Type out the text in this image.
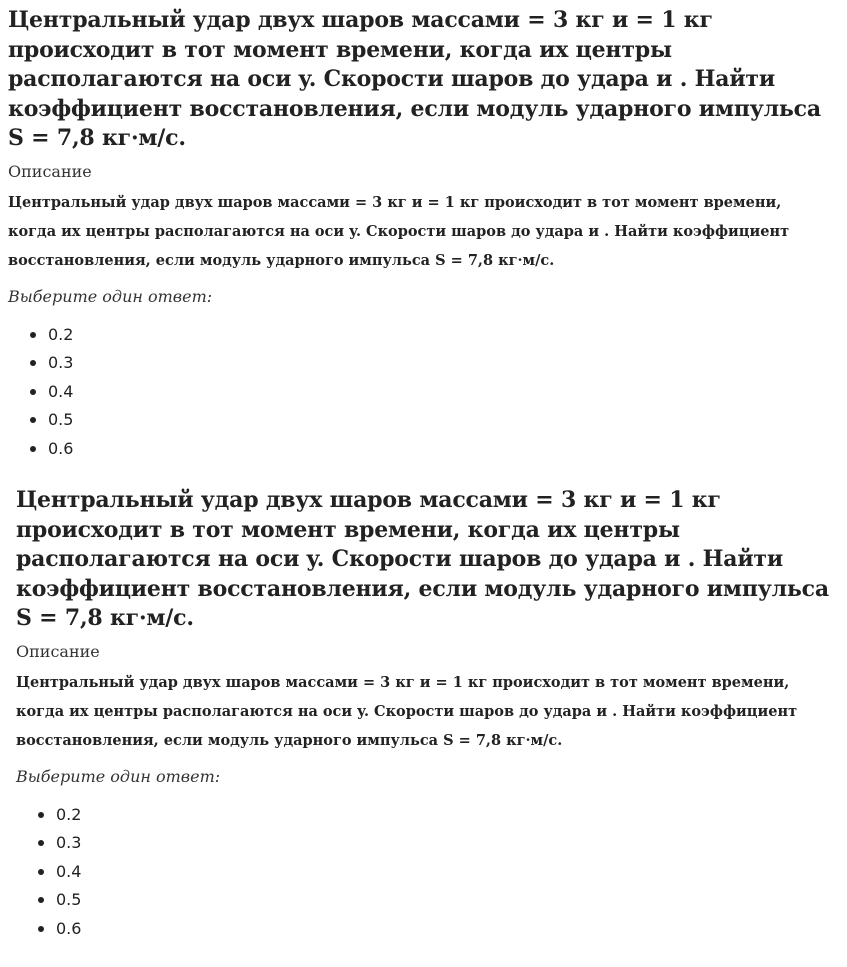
Центральный удар двух шаров массами = 3 кг и = 1 кг происходит в тот момент времени, когда их центры располагаются на оси y. Скорости шаров до удара и . Найти коэффициент восстановления, если модуль ударного импульса S = 7,8 кг·м/с.
Описание

Центральный удар двух шаров массами = 3 кг и = 1 кг происходит в тот момент времени, когда их центры располагаются на оси y. Скорости шаров до удара и . Найти коэффициент восстановления, если модуль ударного импульса S = 7,8 кг·м/с.

Выберите один ответ:
0.2
0.3
0.4
0.5
0.6
Центральный удар двух шаров массами = 3 кг и = 1 кг происходит в тот момент времени, когда их центры располагаются на оси y. Скорости шаров до удара и . Найти коэффициент восстановления, если модуль ударного импульса S = 7,8 кг·м/с.
Описание

Центральный удар двух шаров массами = 3 кг и = 1 кг происходит в тот момент времени, когда их центры располагаются на оси y. Скорости шаров до удара и . Найти коэффициент восстановления, если модуль ударного импульса S = 7,8 кг·м/с.

Выберите один ответ:
0.2
0.3
0.4
0.5
0.6
